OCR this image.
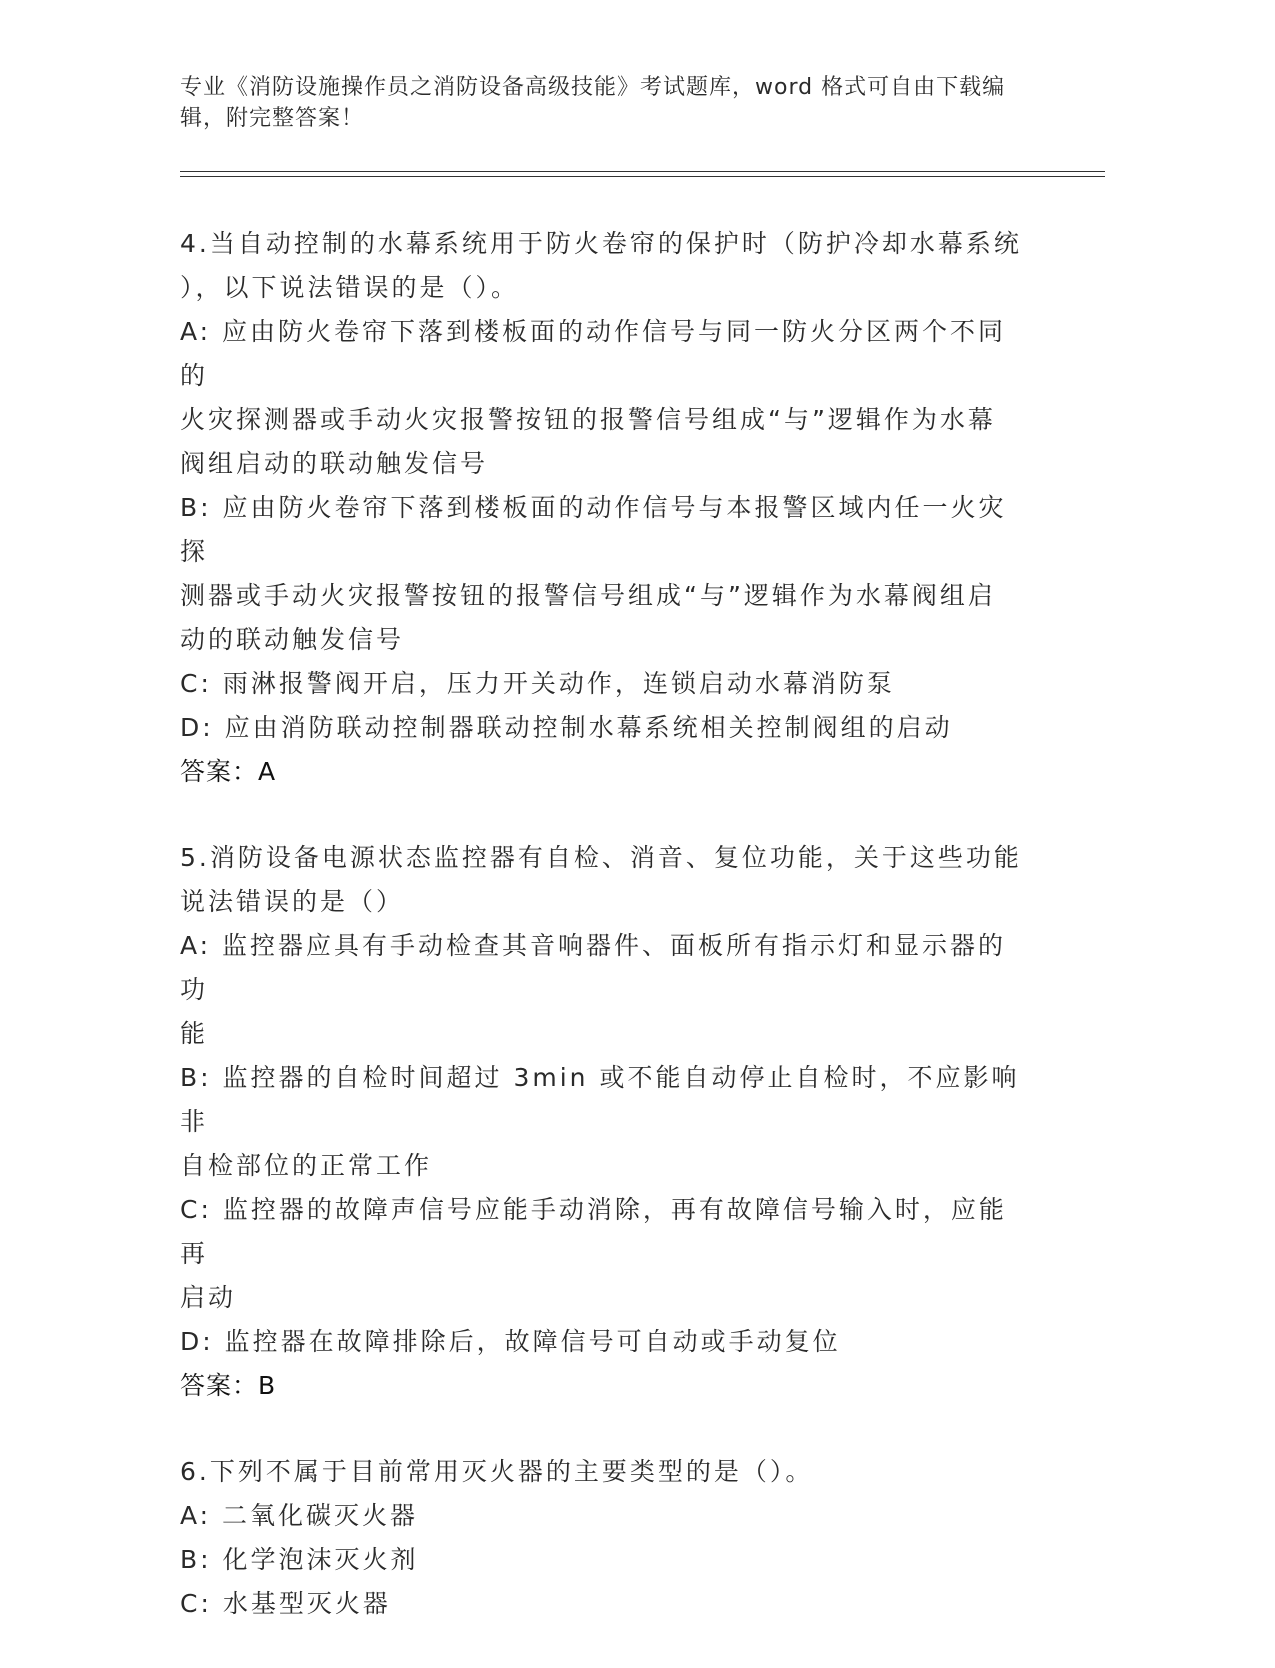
专业《消防设施操作员之消防设备高级技能》考试题库，word 格式可自由下载编
辑，附完整答案！
4.当自动控制的水幕系统用于防火卷帘的保护时（防护冷却水幕系统
），以下说法错误的是（）。
A: 应由防火卷帘下落到楼板面的动作信号与同一防火分区两个不同的
火灾探测器或手动火灾报警按钮的报警信号组成“与”逻辑作为水幕
阀组启动的联动触发信号
B: 应由防火卷帘下落到楼板面的动作信号与本报警区域内任一火灾探
测器或手动火灾报警按钮的报警信号组成“与”逻辑作为水幕阀组启
动的联动触发信号
C: 雨淋报警阀开启，压力开关动作，连锁启动水幕消防泵
D: 应由消防联动控制器联动控制水幕系统相关控制阀组的启动
答案：A
5.消防设备电源状态监控器有自检、消音、复位功能，关于这些功能
说法错误的是（）
A: 监控器应具有手动检查其音响器件、面板所有指示灯和显示器的功
能
B: 监控器的自检时间超过 3min 或不能自动停止自检时，不应影响非
自检部位的正常工作
C: 监控器的故障声信号应能手动消除，再有故障信号输入时，应能再
启动
D: 监控器在故障排除后，故障信号可自动或手动复位
答案：B
6.下列不属于目前常用灭火器的主要类型的是（）。
A: 二氧化碳灭火器
B: 化学泡沫灭火剂
C: 水基型灭火器
